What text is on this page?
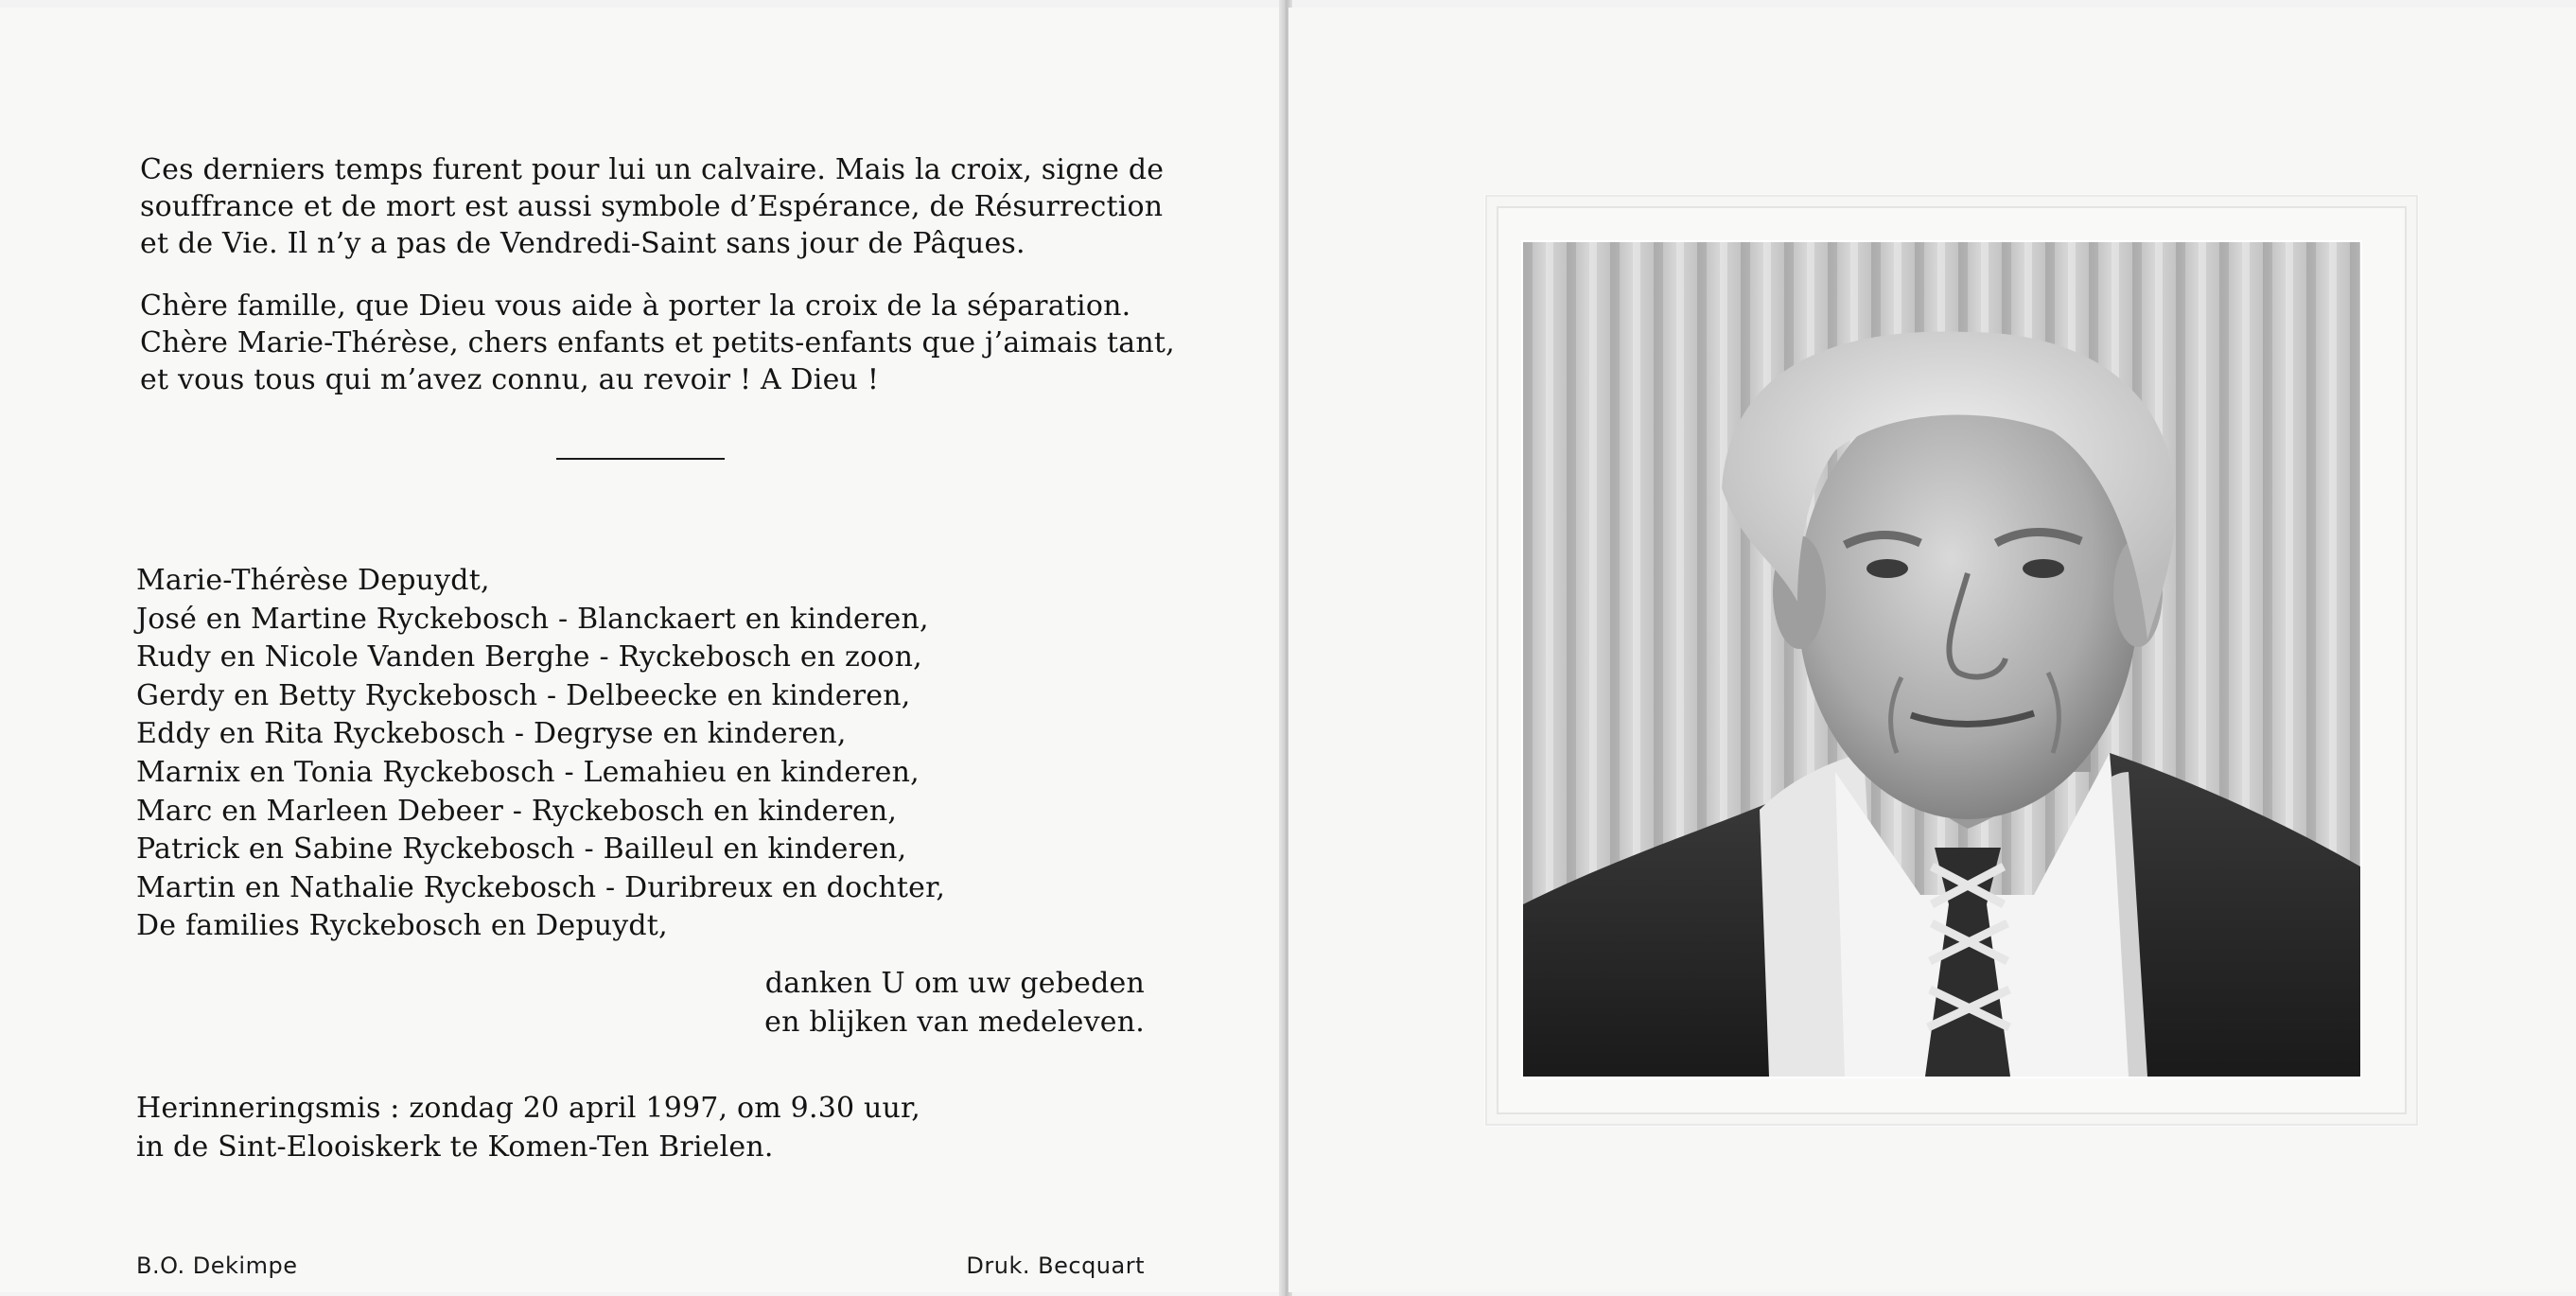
Ces derniers temps furent pour lui un calvaire. Mais la croix, signe de
souffrance et de mort est aussi symbole d’Espérance, de Résurrection
et de Vie. Il n’y a pas de Vendredi-Saint sans jour de Pâques.
Chère famille, que Dieu vous aide à porter la croix de la séparation.
Chère Marie-Thérèse, chers enfants et petits-enfants que j’aimais tant,
et vous tous qui m’avez connu, au revoir ! A Dieu !
Marie-Thérèse Depuydt,
José en Martine Ryckebosch - Blanckaert en kinderen,
Rudy en Nicole Vanden Berghe - Ryckebosch en zoon,
Gerdy en Betty Ryckebosch - Delbeecke en kinderen,
Eddy en Rita Ryckebosch - Degryse en kinderen,
Marnix en Tonia Ryckebosch - Lemahieu en kinderen,
Marc en Marleen Debeer - Ryckebosch en kinderen,
Patrick en Sabine Ryckebosch - Bailleul en kinderen,
Martin en Nathalie Ryckebosch - Duribreux en dochter,
De families Ryckebosch en Depuydt,
danken U om uw gebeden
en blijken van medeleven.
Herinneringsmis : zondag 20 april 1997, om 9.30 uur,
in de Sint-Elooiskerk te Komen-Ten Brielen.
B.O. Dekimpe	Druk. Becquart
